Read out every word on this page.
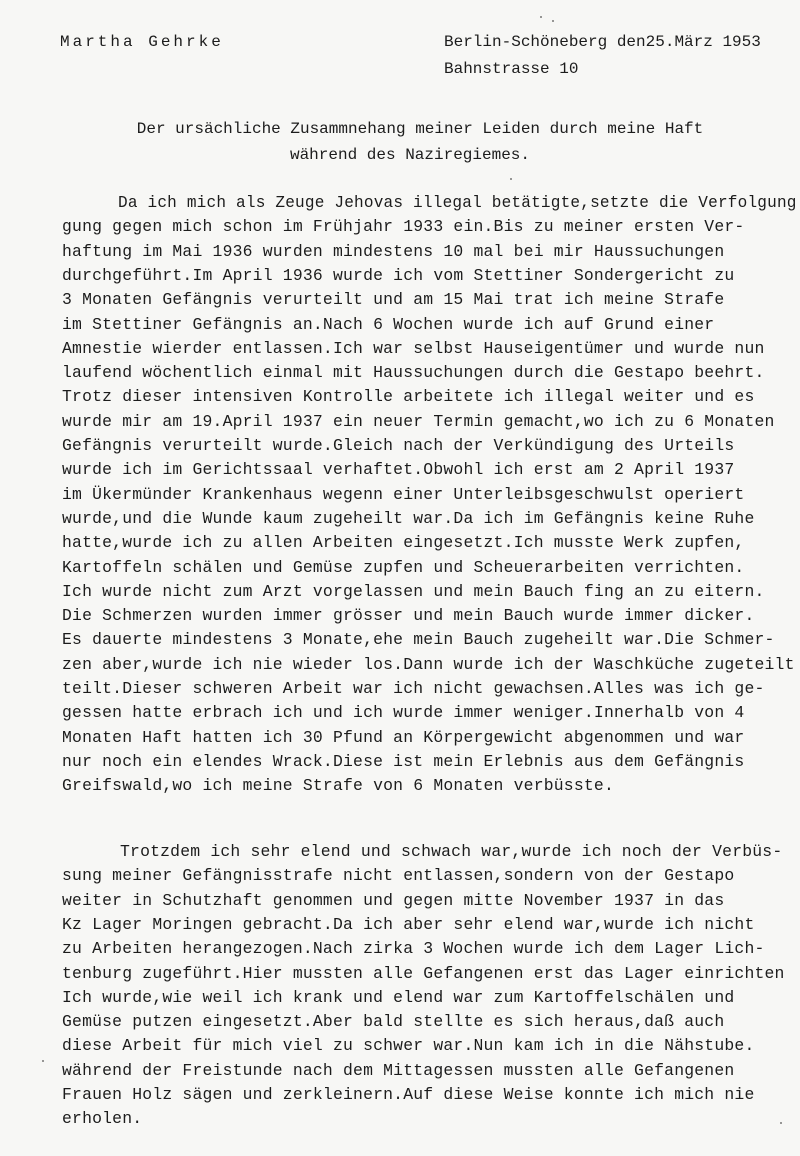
Martha Gehrke	Berlin-Schöneberg den25.März 1953
Bahnstrasse 10
Der ursächliche Zusammnehang meiner Leiden durch meine Haft
während des Naziregiemes.
Da ich mich als Zeuge Jehovas illegal betätigte,setzte die Verfolgung
gung gegen mich schon im Frühjahr 1933 ein.Bis zu meiner ersten Ver-
haftung im Mai 1936 wurden mindestens 10 mal bei mir Haussuchungen
durchgeführt.Im April 1936 wurde ich vom Stettiner Sondergericht zu
3 Monaten Gefängnis verurteilt und am 15 Mai trat ich meine Strafe
im Stettiner Gefängnis an.Nach 6 Wochen wurde ich auf Grund einer
Amnestie wierder entlassen.Ich war selbst Hauseigentümer und wurde nun
laufend wöchentlich einmal mit Haussuchungen durch die Gestapo beehrt.
Trotz dieser intensiven Kontrolle arbeitete ich illegal weiter und es
wurde mir am 19.April 1937 ein neuer Termin gemacht,wo ich zu 6 Monaten
Gefängnis verurteilt wurde.Gleich nach der Verkündigung des Urteils
wurde ich im Gerichtssaal verhaftet.Obwohl ich erst am 2 April 1937
im Ükermünder Krankenhaus wegenn einer Unterleibsgeschwulst operiert
wurde,und die Wunde kaum zugeheilt war.Da ich im Gefängnis keine Ruhe
hatte,wurde ich zu allen Arbeiten eingesetzt.Ich musste Werk zupfen,
Kartoffeln schälen und Gemüse zupfen und Scheuerarbeiten verrichten.
Ich wurde nicht zum Arzt vorgelassen und mein Bauch fing an zu eitern.
Die Schmerzen wurden immer grösser und mein Bauch wurde immer dicker.
Es dauerte mindestens 3 Monate,ehe mein Bauch zugeheilt war.Die Schmer-
zen aber,wurde ich nie wieder los.Dann wurde ich der Waschküche zugeteilt
teilt.Dieser schweren Arbeit war ich nicht gewachsen.Alles was ich ge-
gessen hatte erbrach ich und ich wurde immer weniger.Innerhalb von 4
Monaten Haft hatten ich 30 Pfund an Körpergewicht abgenommen und war
nur noch ein elendes Wrack.Diese ist mein Erlebnis aus dem Gefängnis
Greifswald,wo ich meine Strafe von 6 Monaten verbüsste.
Trotzdem ich sehr elend und schwach war,wurde ich noch der Verbüs-
sung meiner Gefängnisstrafe nicht entlassen,sondern von der Gestapo
weiter in Schutzhaft genommen und gegen mitte November 1937 in das
Kz Lager Moringen gebracht.Da ich aber sehr elend war,wurde ich nicht
zu Arbeiten herangezogen.Nach zirka 3 Wochen wurde ich dem Lager Lich-
tenburg zugeführt.Hier mussten alle Gefangenen erst das Lager einrichten
Ich wurde,wie weil ich krank und elend war zum Kartoffelschälen und
Gemüse putzen eingesetzt.Aber bald stellte es sich heraus,daß auch
diese Arbeit für mich viel zu schwer war.Nun kam ich in die Nähstube.
während der Freistunde nach dem Mittagessen mussten alle Gefangenen
Frauen Holz sägen und zerkleinern.Auf diese Weise konnte ich mich nie
erholen.
